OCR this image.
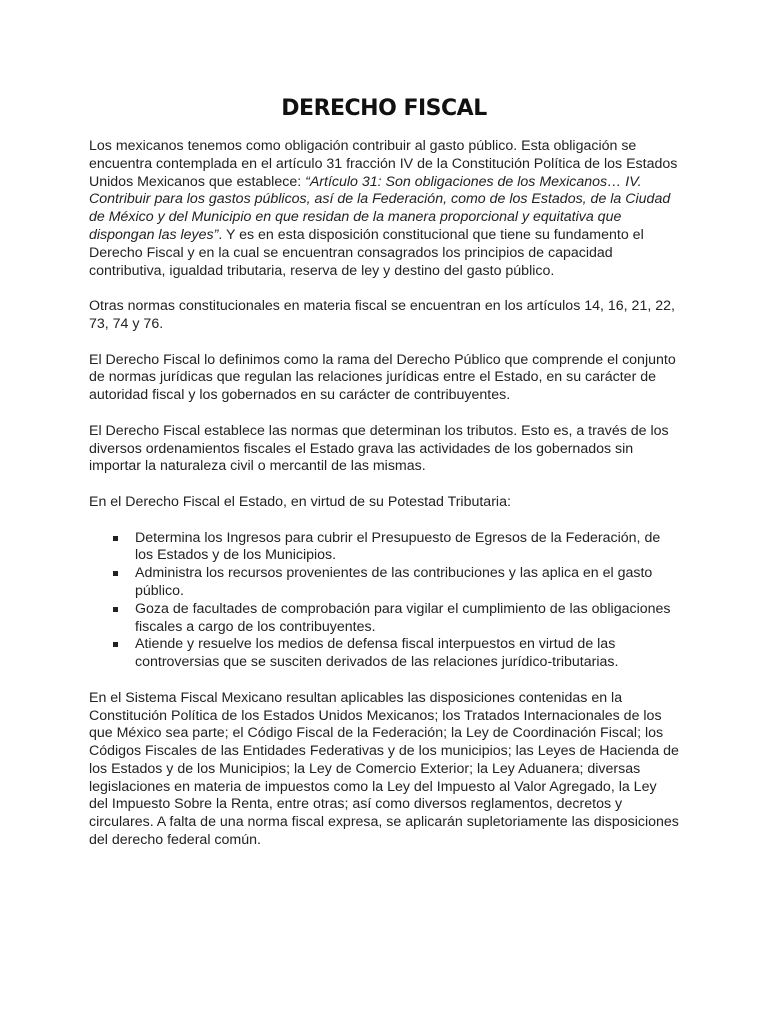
DERECHO FISCAL

Los mexicanos tenemos como obligación contribuir al gasto público. Esta obligación se encuentra contemplada en el artículo 31 fracción IV de la Constitución Política de los Estados Unidos Mexicanos que establece: “Artículo 31: Son obligaciones de los Mexicanos… IV. Contribuir para los gastos públicos, así de la Federación, como de los Estados, de la Ciudad de México y del Municipio en que residan de la manera proporcional y equitativa que dispongan las leyes”. Y es en esta disposición constitucional que tiene su fundamento el Derecho Fiscal y en la cual se encuentran consagrados los principios de capacidad contributiva, igualdad tributaria, reserva de ley y destino del gasto público.

Otras normas constitucionales en materia fiscal se encuentran en los artículos 14, 16, 21, 22, 73, 74 y 76.

El Derecho Fiscal lo definimos como la rama del Derecho Público que comprende el conjunto de normas jurídicas que regulan las relaciones jurídicas entre el Estado, en su carácter de autoridad fiscal y los gobernados en su carácter de contribuyentes.

El Derecho Fiscal establece las normas que determinan los tributos. Esto es, a través de los diversos ordenamientos fiscales el Estado grava las actividades de los gobernados sin importar la naturaleza civil o mercantil de las mismas.

En el Derecho Fiscal el Estado, en virtud de su Potestad Tributaria:

Determina los Ingresos para cubrir el Presupuesto de Egresos de la Federación, de los Estados y de los Municipios.
Administra los recursos provenientes de las contribuciones y las aplica en el gasto público.
Goza de facultades de comprobación para vigilar el cumplimiento de las obligaciones fiscales a cargo de los contribuyentes.
Atiende y resuelve los medios de defensa fiscal interpuestos en virtud de las controversias que se susciten derivados de las relaciones jurídico-tributarias.

En el Sistema Fiscal Mexicano resultan aplicables las disposiciones contenidas en la Constitución Política de los Estados Unidos Mexicanos; los Tratados Internacionales de los que México sea parte; el Código Fiscal de la Federación; la Ley de Coordinación Fiscal; los Códigos Fiscales de las Entidades Federativas y de los municipios; las Leyes de Hacienda de los Estados y de los Municipios; la Ley de Comercio Exterior; la Ley Aduanera; diversas legislaciones en materia de impuestos como la Ley del Impuesto al Valor Agregado, la Ley del Impuesto Sobre la Renta, entre otras; así como diversos reglamentos, decretos y circulares. A falta de una norma fiscal expresa, se aplicarán supletoriamente las disposiciones del derecho federal común.
